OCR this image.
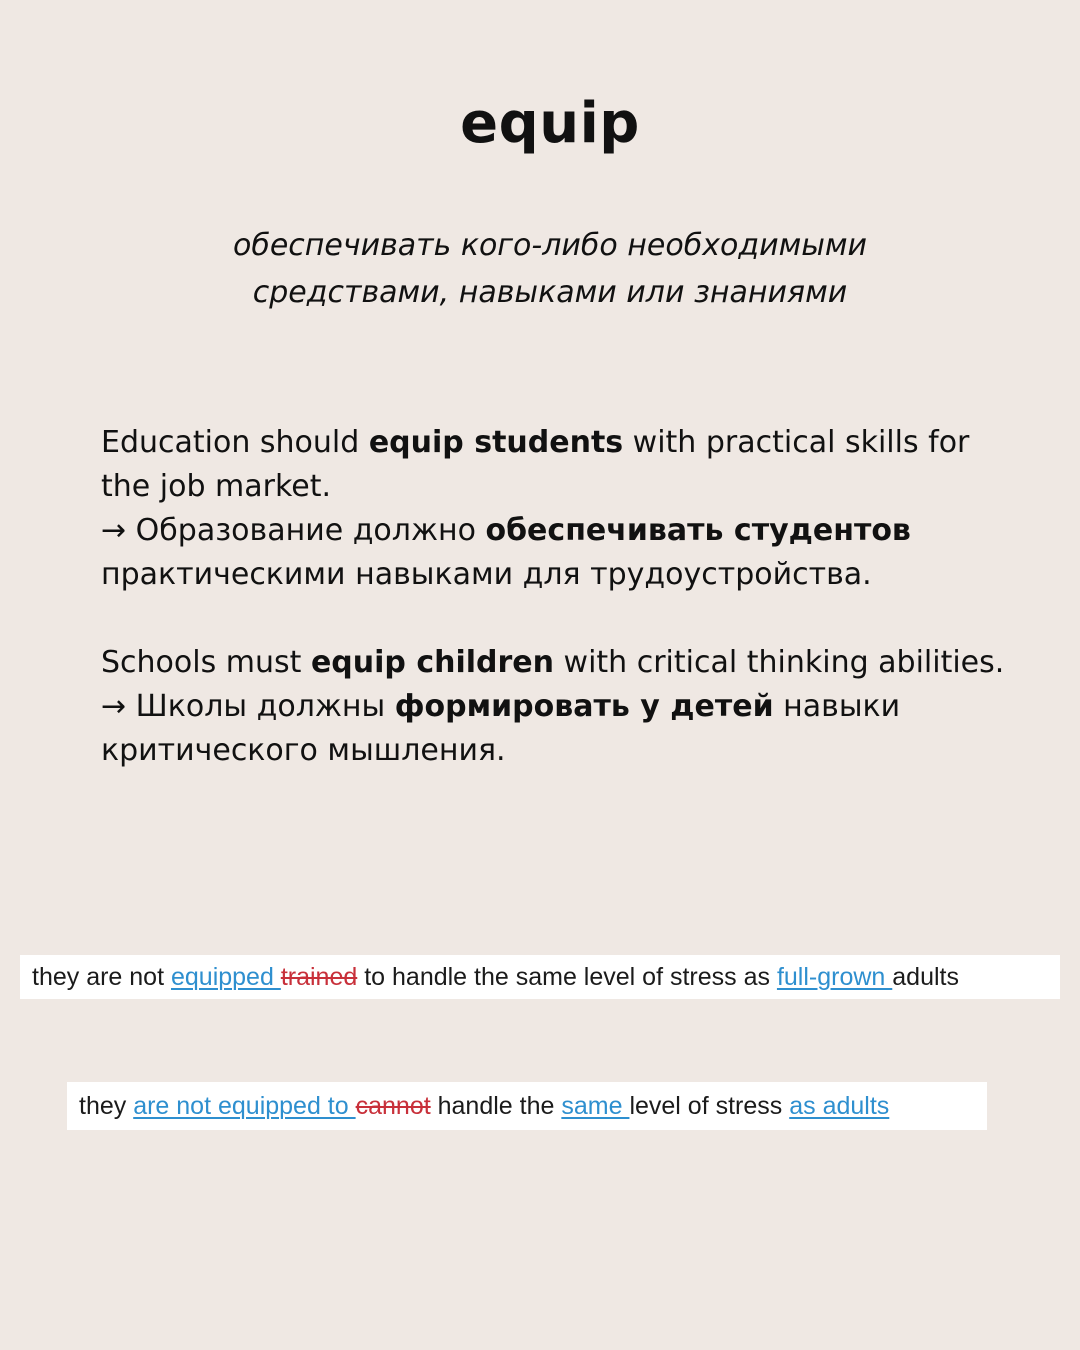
equip
обеспечивать кого-либо необходимыми
средствами, навыками или знаниями
Education should equip students with practical skills for
the job market.
→ Образование должно обеспечивать студентов
практическими навыками для трудоустройства.
Schools must equip children with critical thinking abilities.
→ Школы должны формировать у детей навыки
критического мышления.
they are not equipped trained to handle the same level of stress as full-grown adults
they are not equipped to cannot handle the same level of stress as adults
